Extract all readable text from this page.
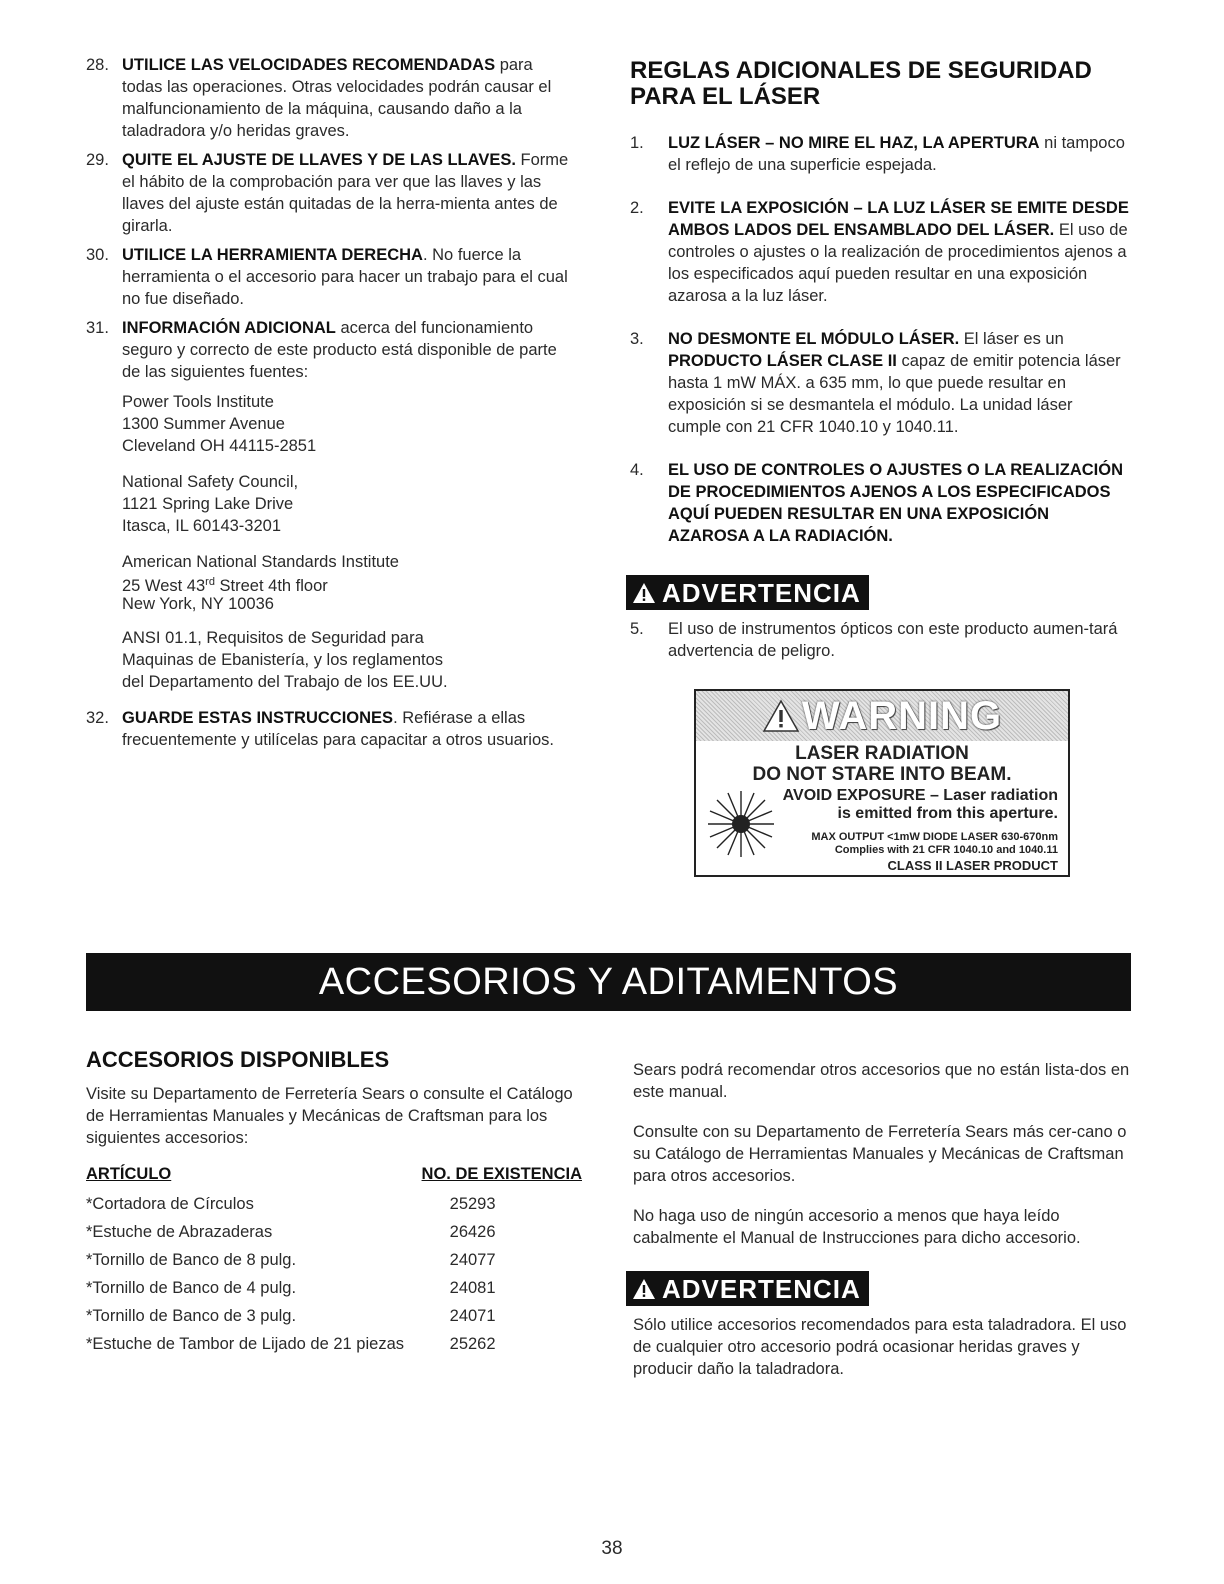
28. UTILICE LAS VELOCIDADES RECOMENDADAS para todas las operaciones. Otras velocidades podrán causar el malfuncionamiento de la máquina, causando daño a la taladradora y/o heridas graves.
29. QUITE EL AJUSTE DE LLAVES Y DE LAS LLAVES. Forme el hábito de la comprobación para ver que las llaves y las llaves del ajuste están quitadas de la herra-mienta antes de girarla.
30. UTILICE LA HERRAMIENTA DERECHA. No fuerce la herramienta o el accesorio para hacer un trabajo para el cual no fue diseñado.
31. INFORMACIÓN ADICIONAL acerca del funcionamiento seguro y correcto de este producto está disponible de parte de las siguientes fuentes:
Power Tools Institute
1300 Summer Avenue
Cleveland OH 44115-2851
National Safety Council,
1121 Spring Lake Drive
Itasca, IL 60143-3201
American National Standards Institute
25 West 43rd Street 4th floor
New York, NY 10036
ANSI 01.1, Requisitos de Seguridad para
Maquinas de Ebanistería, y los reglamentos
del Departamento del Trabajo de los EE.UU.
32. GUARDE ESTAS INSTRUCCIONES. Refiérase a ellas frecuentemente y utilícelas para capacitar a otros usuarios.
REGLAS ADICIONALES DE SEGURIDAD
PARA EL LÁSER
1. LUZ LÁSER – NO MIRE EL HAZ, LA APERTURA ni tampoco el reflejo de una superficie espejada.
2. EVITE LA EXPOSICIÓN – LA LUZ LÁSER SE EMITE DESDE AMBOS LADOS DEL ENSAMBLADO DEL LÁSER. El uso de controles o ajustes o la realización de procedimientos ajenos a los especificados aquí pueden resultar en una exposición azarosa a la luz láser.
3. NO DESMONTE EL MÓDULO LÁSER. El láser es un PRODUCTO LÁSER CLASE II capaz de emitir potencia láser hasta 1 mW MÁX. a 635 mm, lo que puede resultar en exposición si se desmantela el módulo. La unidad láser cumple con 21 CFR 1040.10 y 1040.11.
4. EL USO DE CONTROLES O AJUSTES O LA REALIZACIÓN DE PROCEDIMIENTOS AJENOS A LOS ESPECIFICADOS AQUÍ PUEDEN RESULTAR EN UNA EXPOSICIÓN AZAROSA A LA RADIACIÓN.
ADVERTENCIA
5. El uso de instrumentos ópticos con este producto aumen-tará advertencia de peligro.
WARNING
LASER RADIATION
DO NOT STARE INTO BEAM.
AVOID EXPOSURE – Laser radiation
is emitted from this aperture.
MAX OUTPUT <1mW DIODE LASER 630-670nm
Complies with 21 CFR 1040.10 and 1040.11
CLASS II LASER PRODUCT
ACCESORIOS Y ADITAMENTOS
ACCESORIOS DISPONIBLES
Visite su Departamento de Ferretería Sears o consulte el Catálogo de Herramientas Manuales y Mecánicas de Craftsman para los siguientes accesorios:
ARTÍCULO	NO. DE EXISTENCIA
*Cortadora de Círculos	25293
*Estuche de Abrazaderas	26426
*Tornillo de Banco de 8 pulg.	24077
*Tornillo de Banco de 4 pulg.	24081
*Tornillo de Banco de 3 pulg.	24071
*Estuche de Tambor de Lijado de 21 piezas	25262
Sears podrá recomendar otros accesorios que no están lista-dos en este manual.
Consulte con su Departamento de Ferretería Sears más cer-cano o su Catálogo de Herramientas Manuales y Mecánicas de Craftsman para otros accesorios.
No haga uso de ningún accesorio a menos que haya leído cabalmente el Manual de Instrucciones para dicho accesorio.
ADVERTENCIA
Sólo utilice accesorios recomendados para esta taladradora. El uso de cualquier otro accesorio podrá ocasionar heridas graves y producir daño la taladradora.
38
